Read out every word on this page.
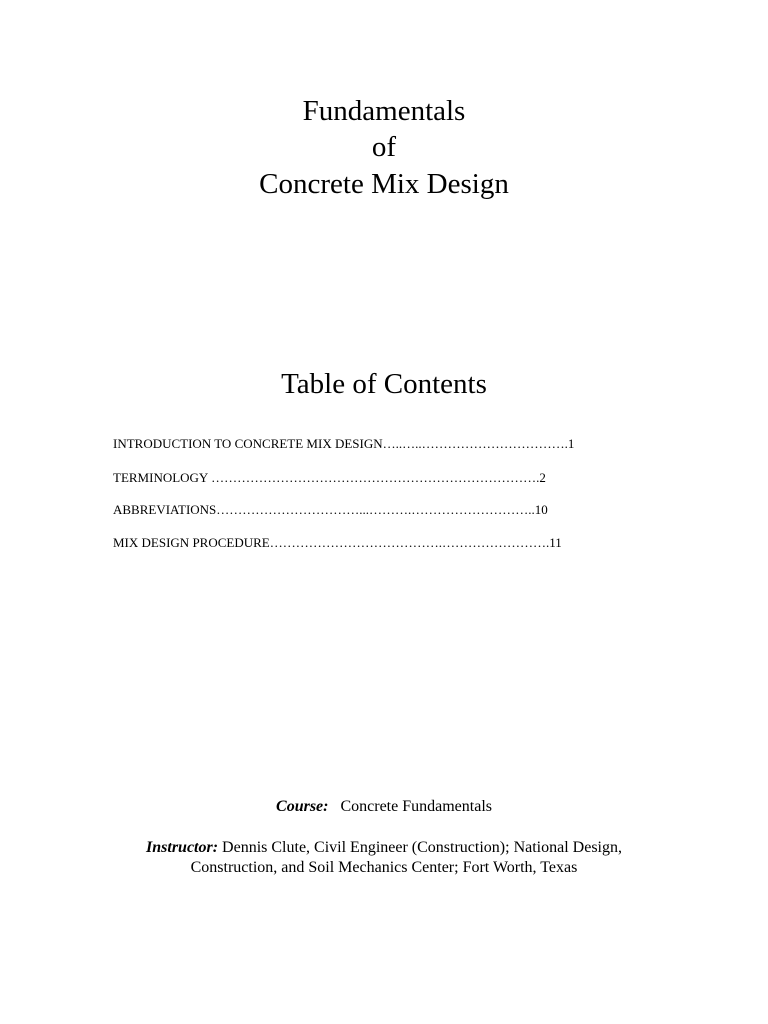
Fundamentals
of
Concrete Mix Design
Table of Contents
INTRODUCTION TO CONCRETE MIX DESIGN…..…..…………………………….1
TERMINOLOGY ………………………………………………………………….2
ABBREVIATIONS……………………………...……….………………………..10
MIX DESIGN PROCEDURE………………………………….…………………….11
Course: Concrete Fundamentals
Instructor: Dennis Clute, Civil Engineer (Construction); National Design, Construction, and Soil Mechanics Center; Fort Worth, Texas
